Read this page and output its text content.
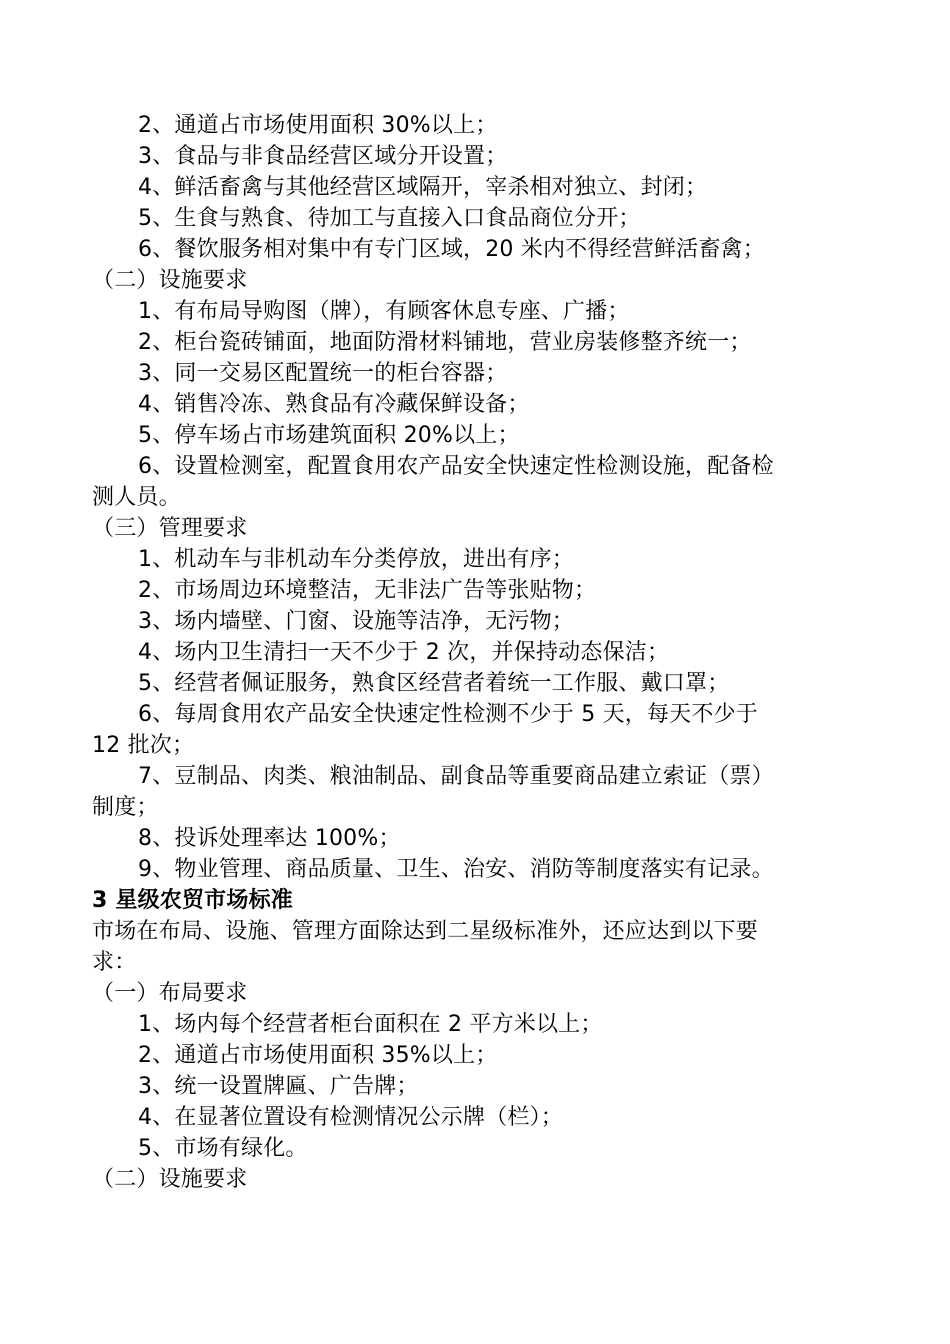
2、通道占市场使用面积 30%以上；

3、食品与非食品经营区域分开设置；

4、鲜活畜禽与其他经营区域隔开，宰杀相对独立、封闭；

5、生食与熟食、待加工与直接入口食品商位分开；

6、餐饮服务相对集中有专门区域，20 米内不得经营鲜活畜禽；

（二）设施要求

1、有布局导购图（牌），有顾客休息专座、广播；

2、柜台瓷砖铺面，地面防滑材料铺地，营业房装修整齐统一；

3、同一交易区配置统一的柜台容器；

4、销售冷冻、熟食品有冷藏保鲜设备；

5、停车场占市场建筑面积 20%以上；

6、设置检测室，配置食用农产品安全快速定性检测设施，配备检

测人员。

（三）管理要求

1、机动车与非机动车分类停放，进出有序；

2、市场周边环境整洁，无非法广告等张贴物；

3、场内墙壁、门窗、设施等洁净，无污物；

4、场内卫生清扫一天不少于 2 次，并保持动态保洁；

5、经营者佩证服务，熟食区经营者着统一工作服、戴口罩；

6、每周食用农产品安全快速定性检测不少于 5 天，每天不少于

12 批次；

7、豆制品、肉类、粮油制品、副食品等重要商品建立索证（票）

制度；

8、投诉处理率达 100%；

9、物业管理、商品质量、卫生、治安、消防等制度落实有记录。

3 星级农贸市场标准

市场在布局、设施、管理方面除达到二星级标准外，还应达到以下要

求：

（一）布局要求

1、场内每个经营者柜台面积在 2 平方米以上；

2、通道占市场使用面积 35%以上；

3、统一设置牌匾、广告牌；

4、在显著位置设有检测情况公示牌（栏）；

5、市场有绿化。

（二）设施要求
